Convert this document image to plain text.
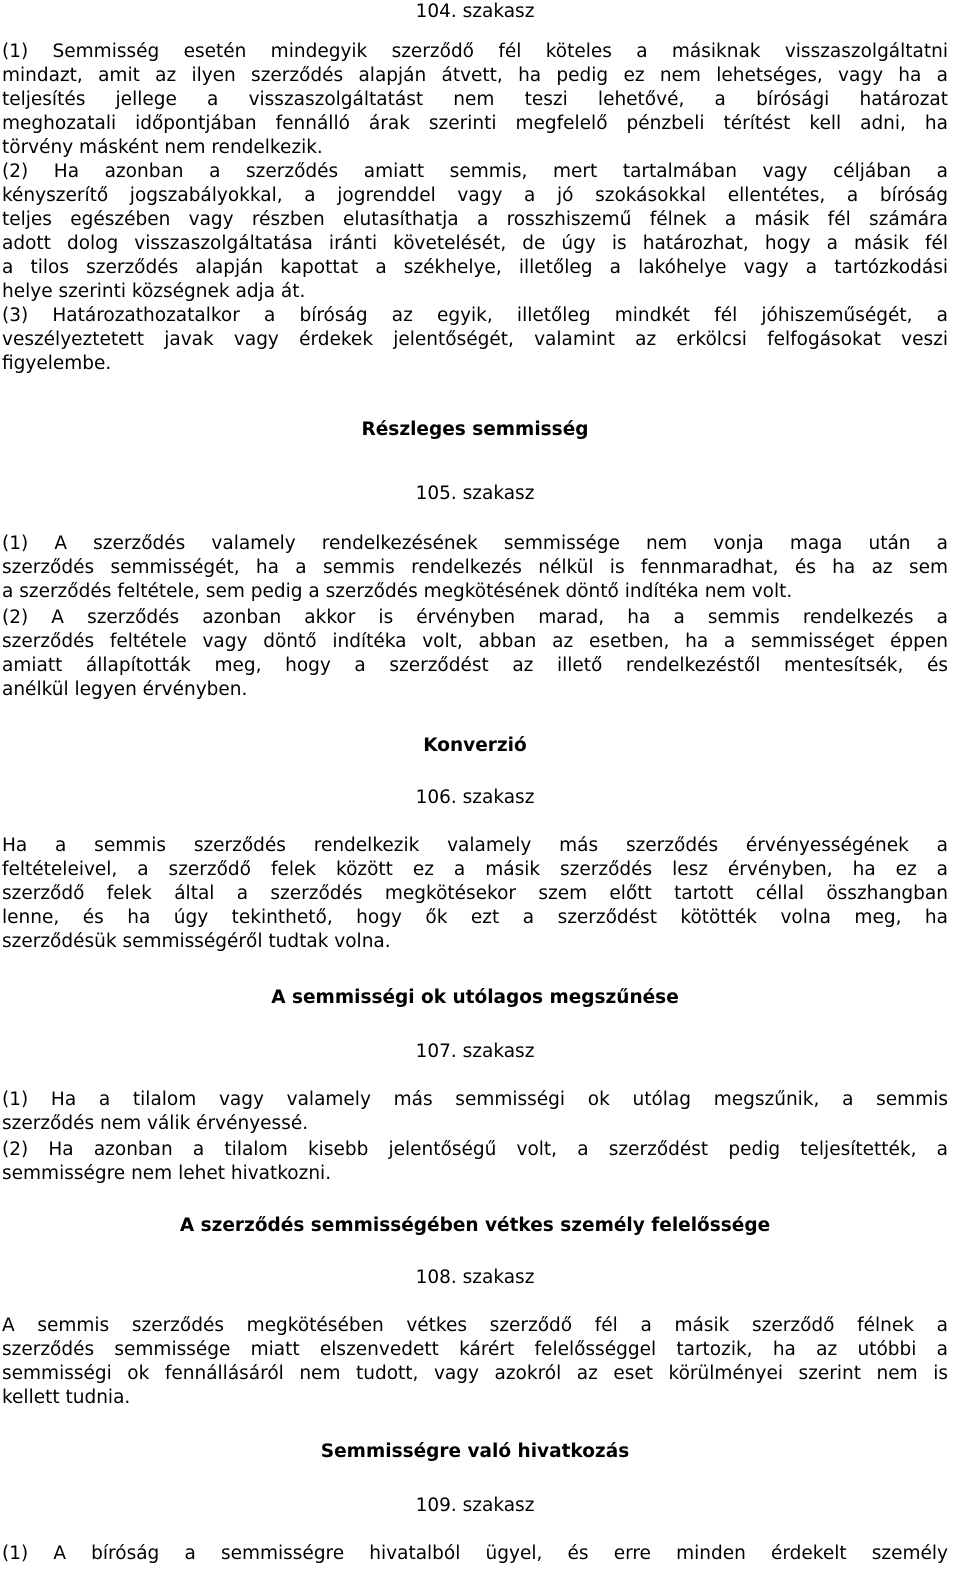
104. szakasz
(1) Semmisség esetén mindegyik szerződő fél köteles a másiknak visszaszolgáltatni
mindazt, amit az ilyen szerződés alapján átvett, ha pedig ez nem lehetséges, vagy ha a
teljesítés jellege a visszaszolgáltatást nem teszi lehetővé, a bírósági határozat
meghozatali időpontjában fennálló árak szerinti megfelelő pénzbeli térítést kell adni, ha
törvény másként nem rendelkezik.
(2) Ha azonban a szerződés amiatt semmis, mert tartalmában vagy céljában a
kényszerítő jogszabályokkal, a jogrenddel vagy a jó szokásokkal ellentétes, a bíróság
teljes egészében vagy részben elutasíthatja a rosszhiszemű félnek a másik fél számára
adott dolog visszaszolgáltatása iránti követelését, de úgy is határozhat, hogy a másik fél
a tilos szerződés alapján kapottat a székhelye, illetőleg a lakóhelye vagy a tartózkodási
helye szerinti községnek adja át.
(3) Határozathozatalkor a bíróság az egyik, illetőleg mindkét fél jóhiszeműségét, a
veszélyeztetett javak vagy érdekek jelentőségét, valamint az erkölcsi felfogásokat veszi
figyelembe.
Részleges semmisség
105. szakasz
(1) A szerződés valamely rendelkezésének semmissége nem vonja maga után a
szerződés semmisségét, ha a semmis rendelkezés nélkül is fennmaradhat, és ha az sem
a szerződés feltétele, sem pedig a szerződés megkötésének döntő indítéka nem volt.
(2) A szerződés azonban akkor is érvényben marad, ha a semmis rendelkezés a
szerződés feltétele vagy döntő indítéka volt, abban az esetben, ha a semmisséget éppen
amiatt állapították meg, hogy a szerződést az illető rendelkezéstől mentesítsék, és
anélkül legyen érvényben.
Konverzió
106. szakasz
Ha a semmis szerződés rendelkezik valamely más szerződés érvényességének a
feltételeivel, a szerződő felek között ez a másik szerződés lesz érvényben, ha ez a
szerződő felek által a szerződés megkötésekor szem előtt tartott céllal összhangban
lenne, és ha úgy tekinthető, hogy ők ezt a szerződést kötötték volna meg, ha
szerződésük semmisségéről tudtak volna.
A semmisségi ok utólagos megszűnése
107. szakasz
(1) Ha a tilalom vagy valamely más semmisségi ok utólag megszűnik, a semmis
szerződés nem válik érvényessé.
(2) Ha azonban a tilalom kisebb jelentőségű volt, a szerződést pedig teljesítették, a
semmisségre nem lehet hivatkozni.
A szerződés semmisségében vétkes személy felelőssége
108. szakasz
A semmis szerződés megkötésében vétkes szerződő fél a másik szerződő félnek a
szerződés semmissége miatt elszenvedett kárért felelősséggel tartozik, ha az utóbbi a
semmisségi ok fennállásáról nem tudott, vagy azokról az eset körülményei szerint nem is
kellett tudnia.
Semmisségre való hivatkozás
109. szakasz
(1) A bíróság a semmisségre hivatalból ügyel, és erre minden érdekelt személy
